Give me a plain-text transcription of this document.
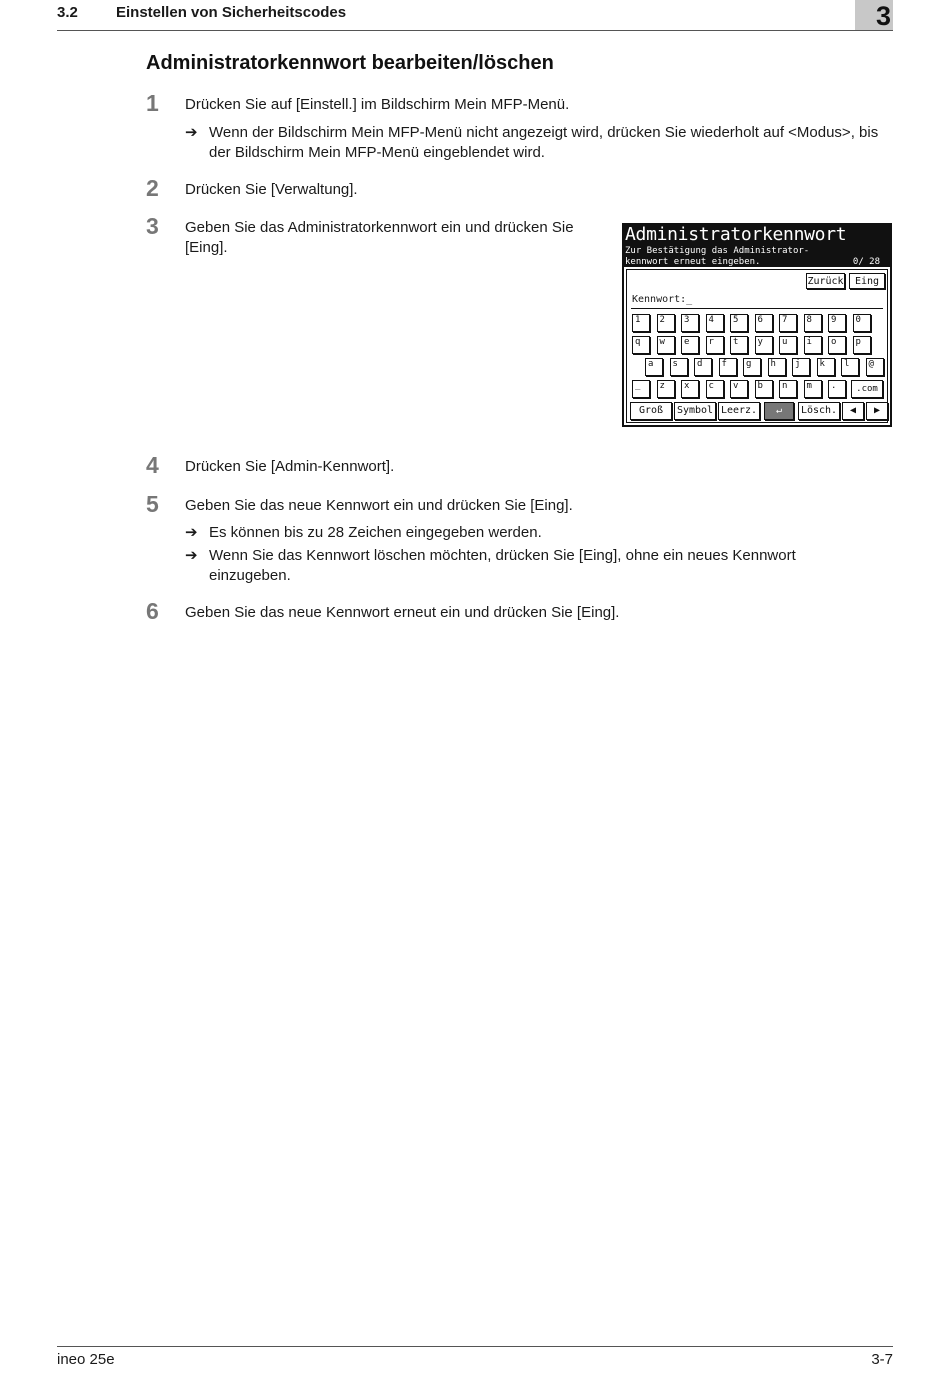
3.2	Einstellen von Sicherheitscodes	3
Administratorkennwort bearbeiten/löschen
1 Drücken Sie auf [Einstell.] im Bildschirm Mein MFP-Menü.
➔ Wenn der Bildschirm Mein MFP-Menü nicht angezeigt wird, drücken Sie wiederholt auf <Modus>, bis der Bildschirm Mein MFP-Menü eingeblendet wird.
2 Drücken Sie [Verwaltung].
3 Geben Sie das Administratorkennwort ein und drücken Sie [Eing].
Administratorkennwort
Zur Bestätigung das Administrator-
kennwort erneut eingeben.	0/ 28
Zurück	Eing
Kennwort:_
1	2	3	4	5	6	7	8	9	0
q	w	e	r	t	y	u	i	o	p
a	s	d	f	g	h	j	k	l	@
_	z	x	c	v	b	n	m	.	.com
Groß	Symbol Leerz.	↵	Lösch.	◀	▶
4 Drücken Sie [Admin-Kennwort].
5 Geben Sie das neue Kennwort ein und drücken Sie [Eing].
➔ Es können bis zu 28 Zeichen eingegeben werden.
➔ Wenn Sie das Kennwort löschen möchten, drücken Sie [Eing], ohne ein neues Kennwort einzugeben.
6 Geben Sie das neue Kennwort erneut ein und drücken Sie [Eing].
ineo 25e	3-7
